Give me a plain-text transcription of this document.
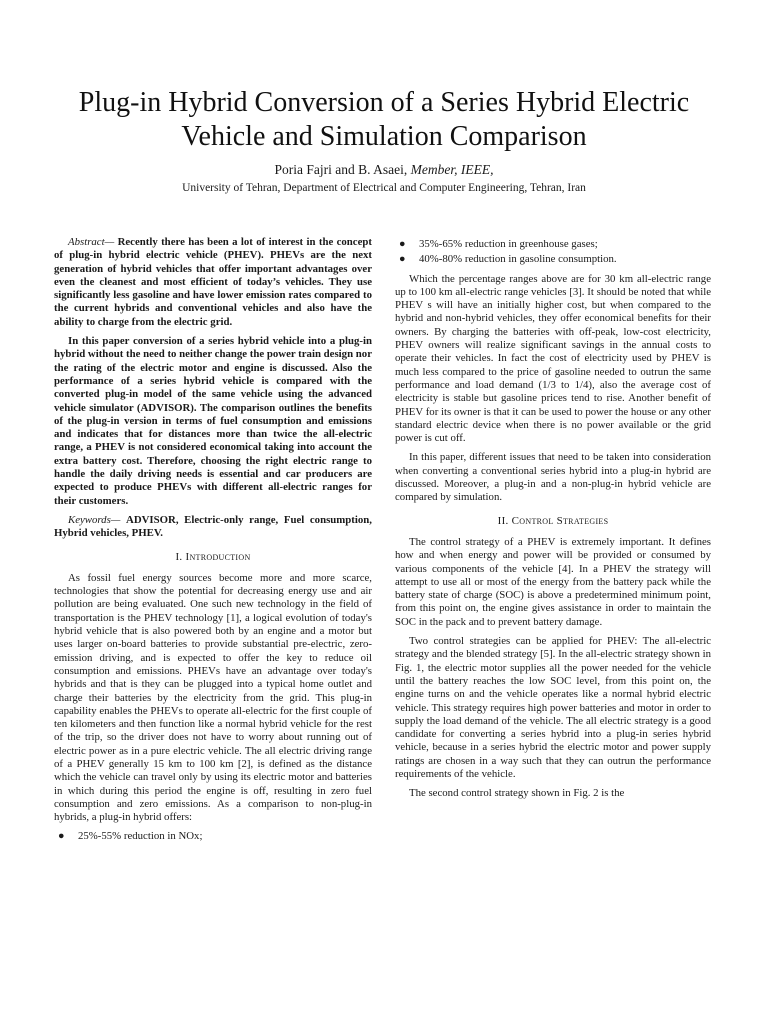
Plug-in Hybrid Conversion of a Series Hybrid Electric Vehicle and Simulation Comparison
Poria Fajri and B. Asaei, Member, IEEE,
University of Tehran, Department of Electrical and Computer Engineering, Tehran, Iran

Abstract— Recently there has been a lot of interest in the concept of plug-in hybrid electric vehicle (PHEV). PHEVs are the next generation of hybrid vehicles that offer important advantages over even the cleanest and most efficient of today’s vehicles. They use significantly less gasoline and have lower emission rates compared to the current hybrids and conventional vehicles and also have the ability to charge from the electric grid.

In this paper conversion of a series hybrid vehicle into a plug-in hybrid without the need to neither change the power train design nor the rating of the electric motor and engine is discussed. Also the performance of a series hybrid vehicle is compared with the converted plug-in model of the same vehicle using the advanced vehicle simulator (ADVISOR). The comparison outlines the benefits of the plug-in version in terms of fuel consumption and emissions and indicates that for distances more than twice the all-electric range, a PHEV is not considered economical taking into account the extra battery cost. Therefore, choosing the right electric range to handle the daily driving needs is essential and car producers are expected to produce PHEVs with different all-electric ranges for their customers.

Keywords— ADVISOR, Electric-only range, Fuel consumption, Hybrid vehicles, PHEV.

I. Introduction

As fossil fuel energy sources become more and more scarce, technologies that show the potential for decreasing energy use and air pollution are being evaluated. One such new technology in the field of transportation is the PHEV technology [1], a logical evolution of today's hybrid vehicle that is also powered both by an engine and a motor but uses larger on-board batteries to provide substantial pre-electric, zero-emission driving, and is expected to offer the key to reduce oil consumption and emissions. PHEVs have an advantage over today's hybrids and that is they can be plugged into a typical home outlet and charge their batteries by the electricity from the grid. This plug-in capability enables the PHEVs to operate all-electric for the first couple of ten kilometers and then function like a normal hybrid vehicle for the rest of the trip, so the driver does not have to worry about running out of electric power as in a pure electric vehicle. The all electric driving range of a PHEV generally 15 km to 100 km [2], is defined as the distance which the vehicle can travel only by using its electric motor and batteries in which during this period the engine is off, resulting in zero fuel consumption and zero emissions. As a comparison to non-plug-in hybrids, a plug-in hybrid offers:

● 25%-55% reduction in NOx;
● 35%-65% reduction in greenhouse gases;
● 40%-80% reduction in gasoline consumption.

Which the percentage ranges above are for 30 km all-electric range up to 100 km all-electric range vehicles [3]. It should be noted that while PHEV s will have an initially higher cost, but when compared to the hybrid and non-hybrid vehicles, they offer economical benefits for their owners. By charging the batteries with off-peak, low-cost electricity, PHEV owners will realize significant savings in the annual costs to operate their vehicles. In fact the cost of electricity used by PHEV is much less compared to the price of gasoline needed to outrun the same performance and load demand (1/3 to 1/4), also the average cost of electricity is stable but gasoline prices tend to rise. Another benefit of PHEV for its owner is that it can be used to power the house or any other standard electric device when there is no power available or the grid power is cut off.

In this paper, different issues that need to be taken into consideration when converting a conventional series hybrid into a plug-in hybrid are discussed. Moreover, a plug-in and a non-plug-in hybrid vehicle are compared by simulation.

II. Control Strategies

The control strategy of a PHEV is extremely important. It defines how and when energy and power will be provided or consumed by various components of the vehicle [4]. In a PHEV the strategy will attempt to use all or most of the energy from the battery pack while the battery state of charge (SOC) is above a predetermined minimum point, from this point on, the engine gives assistance in order to maintain the SOC in the pack and to prevent battery damage.

Two control strategies can be applied for PHEV: The all-electric strategy and the blended strategy [5]. In the all-electric strategy shown in Fig. 1, the electric motor supplies all the power needed for the vehicle until the battery reaches the low SOC level, from this point on, the engine turns on and the vehicle operates like a normal hybrid electric vehicle. This strategy requires high power batteries and motor in order to supply the load demand of the vehicle. The all electric strategy is a good candidate for converting a series hybrid into a plug-in series hybrid vehicle, because in a series hybrid the electric motor and power supply ratings are chosen in a way such that they can outrun the performance requirements of the vehicle.

The second control strategy shown in Fig. 2 is the
